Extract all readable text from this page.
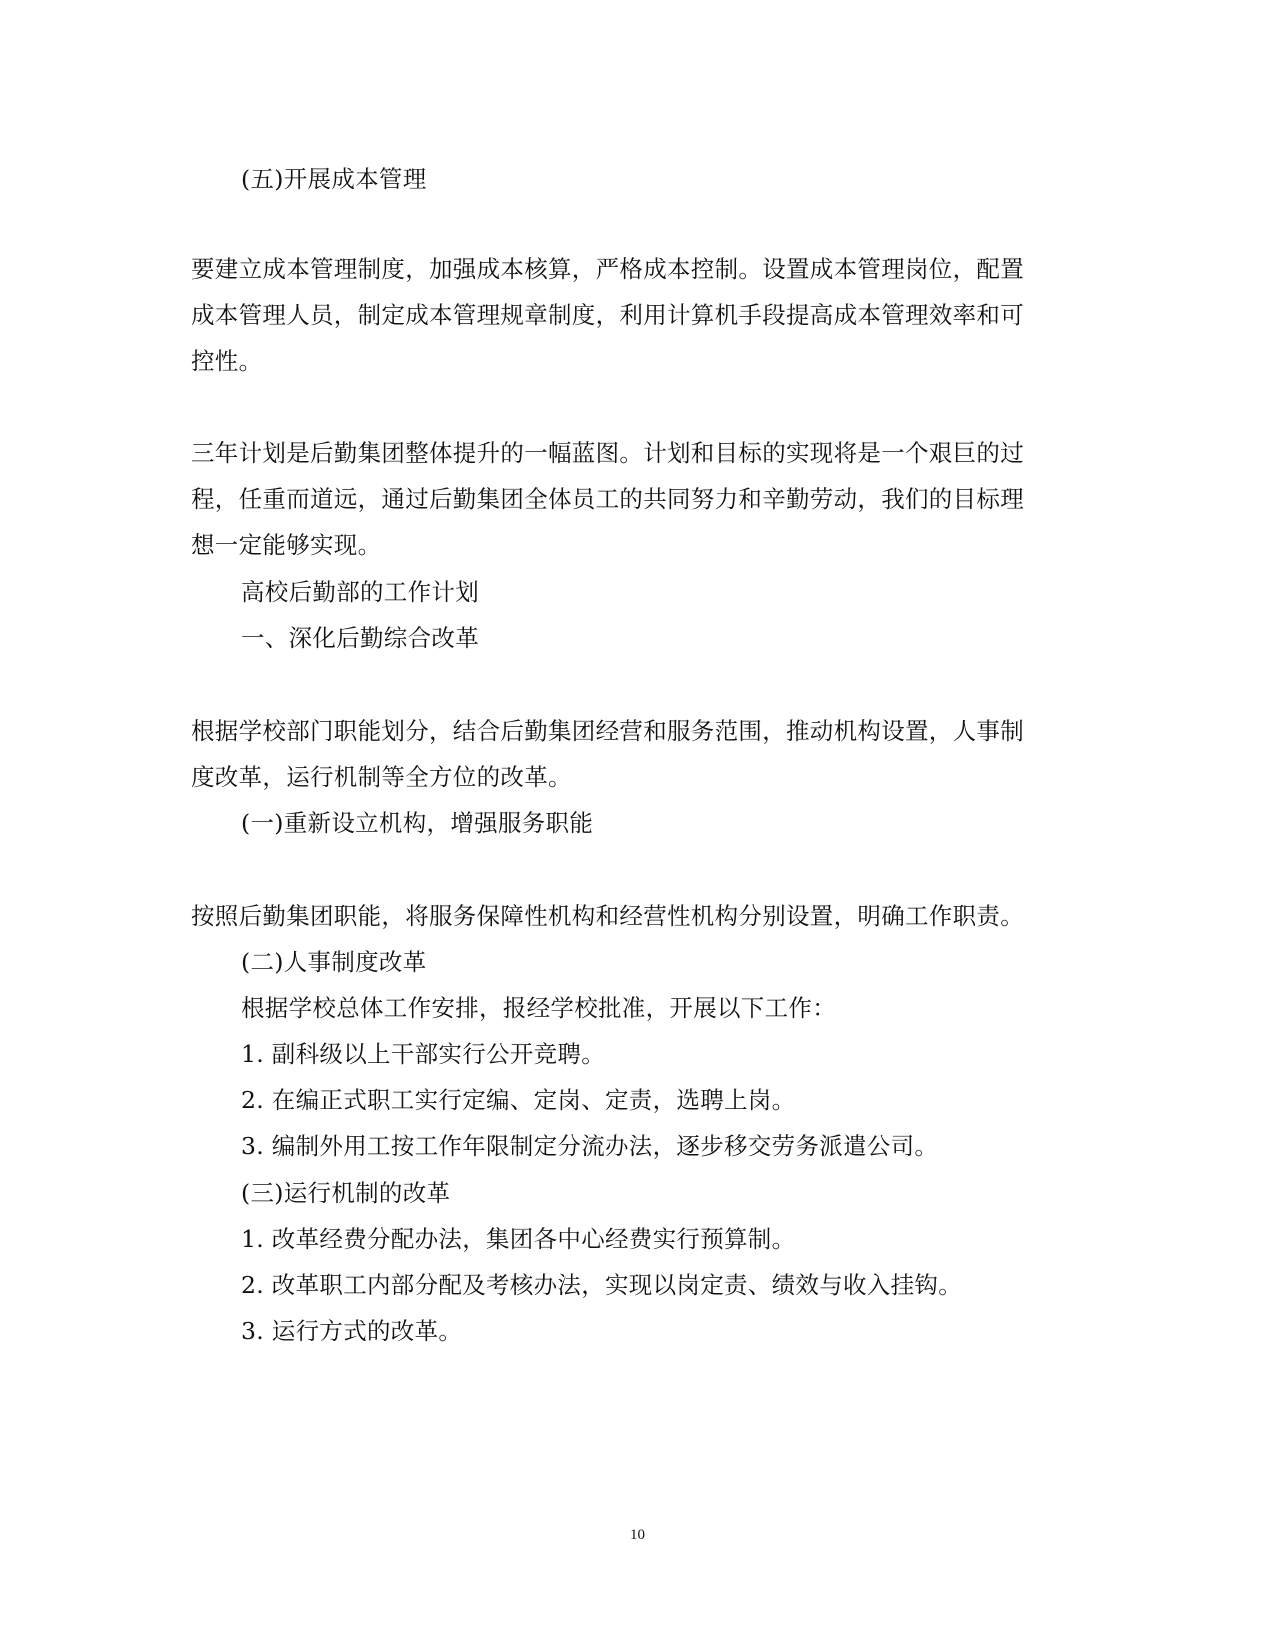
(五)开展成本管理
要建立成本管理制度，加强成本核算，严格成本控制。设置成本管理岗位，配置
成本管理人员，制定成本管理规章制度，利用计算机手段提高成本管理效率和可
控性。
三年计划是后勤集团整体提升的一幅蓝图。计划和目标的实现将是一个艰巨的过
程，任重而道远，通过后勤集团全体员工的共同努力和辛勤劳动，我们的目标理
想一定能够实现。
高校后勤部的工作计划
一、深化后勤综合改革
根据学校部门职能划分，结合后勤集团经营和服务范围，推动机构设置，人事制
度改革，运行机制等全方位的改革。
(一)重新设立机构，增强服务职能
按照后勤集团职能，将服务保障性机构和经营性机构分别设置，明确工作职责。
(二)人事制度改革
根据学校总体工作安排，报经学校批准，开展以下工作：
1. 副科级以上干部实行公开竞聘。
2. 在编正式职工实行定编、定岗、定责，选聘上岗。
3. 编制外用工按工作年限制定分流办法，逐步移交劳务派遣公司。
(三)运行机制的改革
1. 改革经费分配办法，集团各中心经费实行预算制。
2. 改革职工内部分配及考核办法，实现以岗定责、绩效与收入挂钩。
3. 运行方式的改革。
10
